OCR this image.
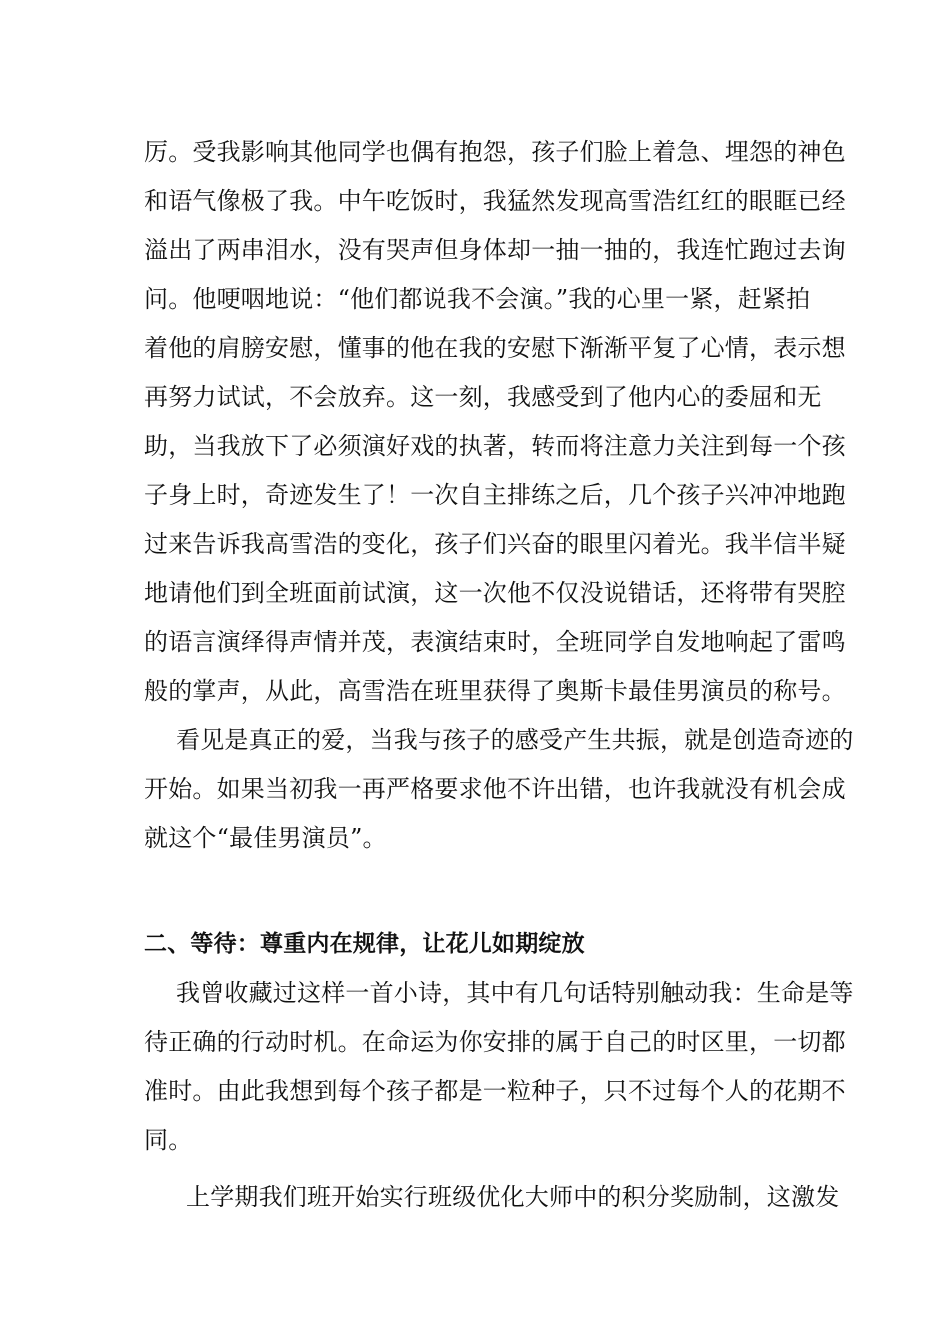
厉。受我影响其他同学也偶有抱怨，孩子们脸上着急、埋怨的神色
和语气像极了我。中午吃饭时，我猛然发现高雪浩红红的眼眶已经
溢出了两串泪水，没有哭声但身体却一抽一抽的，我连忙跑过去询
问。他哽咽地说：“他们都说我不会演。”我的心里一紧，赶紧拍
着他的肩膀安慰，懂事的他在我的安慰下渐渐平复了心情，表示想
再努力试试，不会放弃。这一刻，我感受到了他内心的委屈和无
助，当我放下了必须演好戏的执著，转而将注意力关注到每一个孩
子身上时，奇迹发生了！一次自主排练之后，几个孩子兴冲冲地跑
过来告诉我高雪浩的变化，孩子们兴奋的眼里闪着光。我半信半疑
地请他们到全班面前试演，这一次他不仅没说错话，还将带有哭腔
的语言演绎得声情并茂，表演结束时，全班同学自发地响起了雷鸣
般的掌声，从此，高雪浩在班里获得了奥斯卡最佳男演员的称号。
看见是真正的爱，当我与孩子的感受产生共振，就是创造奇迹的
开始。如果当初我一再严格要求他不许出错，也许我就没有机会成
就这个“最佳男演员”。
二、等待：尊重内在规律，让花儿如期绽放
我曾收藏过这样一首小诗，其中有几句话特别触动我：生命是等
待正确的行动时机。在命运为你安排的属于自己的时区里，一切都
准时。由此我想到每个孩子都是一粒种子，只不过每个人的花期不
同。
上学期我们班开始实行班级优化大师中的积分奖励制，这激发
